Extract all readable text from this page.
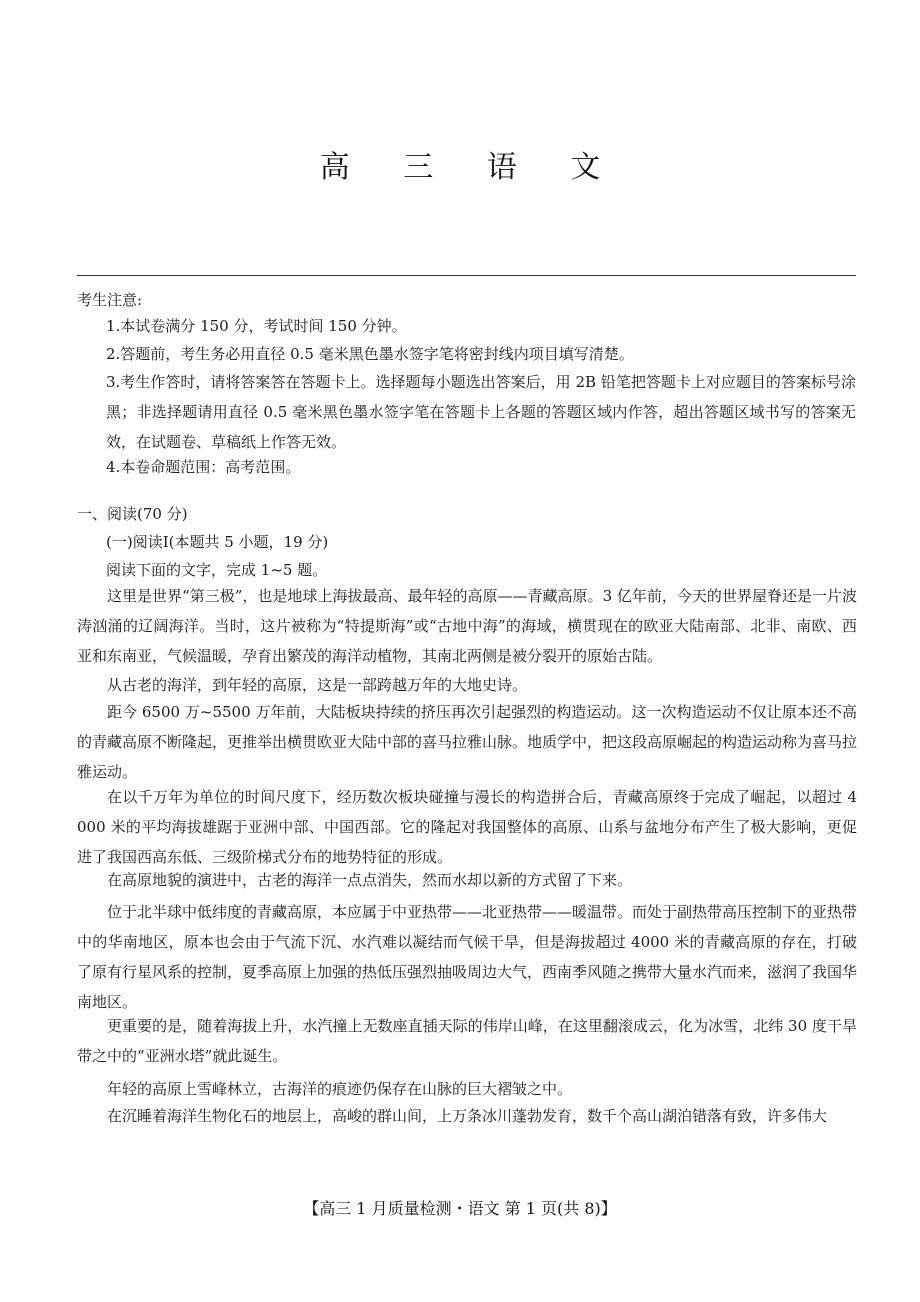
高 三 语 文
考生注意:
1.本试卷满分 150 分，考试时间 150 分钟。
2.答题前，考生务必用直径 0.5 毫米黑色墨水签字笔将密封线内项目填写清楚。
3.考生作答时，请将答案答在答题卡上。选择题每小题选出答案后，用 2B 铅笔把答题卡上对应题目的答案标号涂黑；非选择题请用直径 0.5 毫米黑色墨水签字笔在答题卡上各题的答题区域内作答，超出答题区域书写的答案无效，在试题卷、草稿纸上作答无效。
4.本卷命题范围：高考范围。
一、阅读(70 分)
(一)阅读Ⅰ(本题共 5 小题，19 分)
阅读下面的文字，完成 1~5 题。
这里是世界“第三极”，也是地球上海拔最高、最年轻的高原——青藏高原。3 亿年前，今天的世界屋脊还是一片波涛汹涌的辽阔海洋。当时，这片被称为“特提斯海”或“古地中海”的海域，横贯现在的欧亚大陆南部、北非、南欧、西亚和东南亚，气候温暖，孕育出繁茂的海洋动植物，其南北两侧是被分裂开的原始古陆。
从古老的海洋，到年轻的高原，这是一部跨越万年的大地史诗。
距今 6500 万~5500 万年前，大陆板块持续的挤压再次引起强烈的构造运动。这一次构造运动不仅让原本还不高的青藏高原不断隆起，更推举出横贯欧亚大陆中部的喜马拉雅山脉。地质学中，把这段高原崛起的构造运动称为喜马拉雅运动。
在以千万年为单位的时间尺度下，经历数次板块碰撞与漫长的构造拼合后，青藏高原终于完成了崛起，以超过 4 000 米的平均海拔雄踞于亚洲中部、中国西部。它的隆起对我国整体的高原、山系与盆地分布产生了极大影响，更促进了我国西高东低、三级阶梯式分布的地势特征的形成。
在高原地貌的演进中，古老的海洋一点点消失，然而水却以新的方式留了下来。
位于北半球中低纬度的青藏高原，本应属于中亚热带——北亚热带——暖温带。而处于副热带高压控制下的亚热带中的华南地区，原本也会由于气流下沉、水汽难以凝结而气候干旱，但是海拔超过 4000 米的青藏高原的存在，打破了原有行星风系的控制，夏季高原上加强的热低压强烈抽吸周边大气，西南季风随之携带大量水汽而来，滋润了我国华南地区。
更重要的是，随着海拔上升，水汽撞上无数座直插天际的伟岸山峰，在这里翻滚成云，化为冰雪，北纬 30 度干旱带之中的“亚洲水塔”就此诞生。
年轻的高原上雪峰林立，古海洋的痕迹仍保存在山脉的巨大褶皱之中。
在沉睡着海洋生物化石的地层上，高峻的群山间，上万条冰川蓬勃发育，数千个高山湖泊错落有致，许多伟大
【高三 1 月质量检测・语文 第 1 页(共 8)】
